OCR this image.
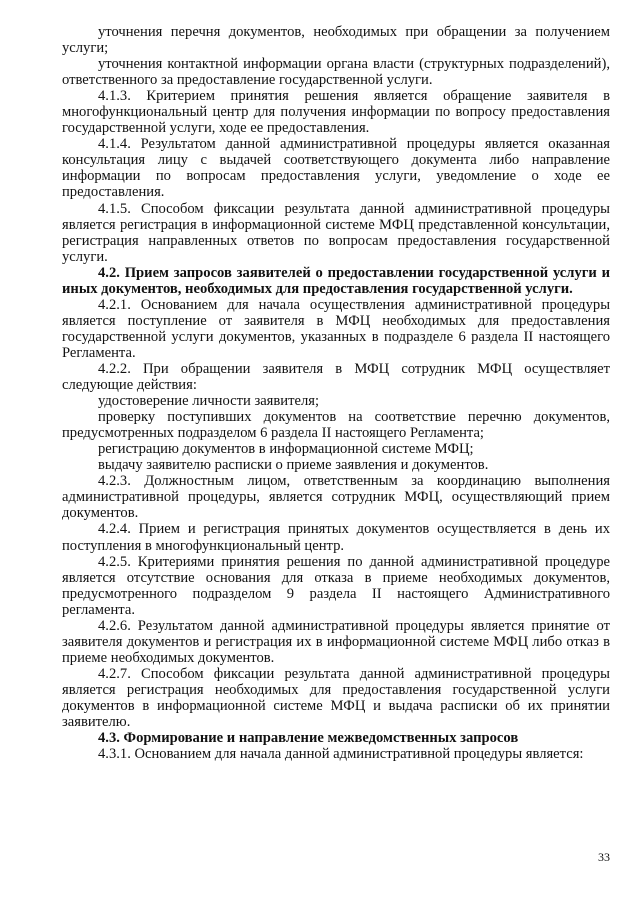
уточнения перечня документов, необходимых при обращении за получением услуги;

уточнения контактной информации органа власти (структурных подразделений), ответственного за предоставление государственной услуги.

4.1.3. Критерием принятия решения является обращение заявителя в многофункциональный центр для получения информации по вопросу предоставления государственной услуги, ходе ее предоставления.

4.1.4. Результатом данной административной процедуры является оказанная консультация лицу с выдачей соответствующего документа либо направление информации по вопросам предоставления услуги, уведомление о ходе ее предоставления.

4.1.5. Способом фиксации результата данной административной процедуры является регистрация в информационной системе МФЦ представленной консультации, регистрация направленных ответов по вопросам предоставления государственной услуги.

4.2. Прием запросов заявителей о предоставлении государственной услуги и иных документов, необходимых для предоставления государственной услуги.

4.2.1. Основанием для начала осуществления административной процедуры является поступление от заявителя в МФЦ необходимых для предоставления государственной услуги документов, указанных в подразделе 6 раздела II настоящего Регламента.

4.2.2. При обращении заявителя в МФЦ сотрудник МФЦ осуществляет следующие действия:

удостоверение личности заявителя;

проверку поступивших документов на соответствие перечню документов, предусмотренных подразделом 6 раздела II настоящего Регламента;

регистрацию документов в информационной системе МФЦ;

выдачу заявителю расписки о приеме заявления и документов.

4.2.3. Должностным лицом, ответственным за координацию выполнения административной процедуры, является сотрудник МФЦ, осуществляющий прием документов.

4.2.4. Прием и регистрация принятых документов осуществляется в день их поступления в многофункциональный центр.

4.2.5. Критериями принятия решения по данной административной процедуре является отсутствие основания для отказа в приеме необходимых документов, предусмотренного подразделом 9 раздела II настоящего Административного регламента.

4.2.6. Результатом данной административной процедуры является принятие от заявителя документов и регистрация их в информационной системе МФЦ либо отказ в приеме необходимых документов.

4.2.7. Способом фиксации результата данной административной процедуры является регистрация необходимых для предоставления государственной услуги документов в информационной системе МФЦ и выдача расписки об их принятии заявителю.

4.3. Формирование и направление межведомственных запросов

4.3.1. Основанием для начала данной административной процедуры является:

33
